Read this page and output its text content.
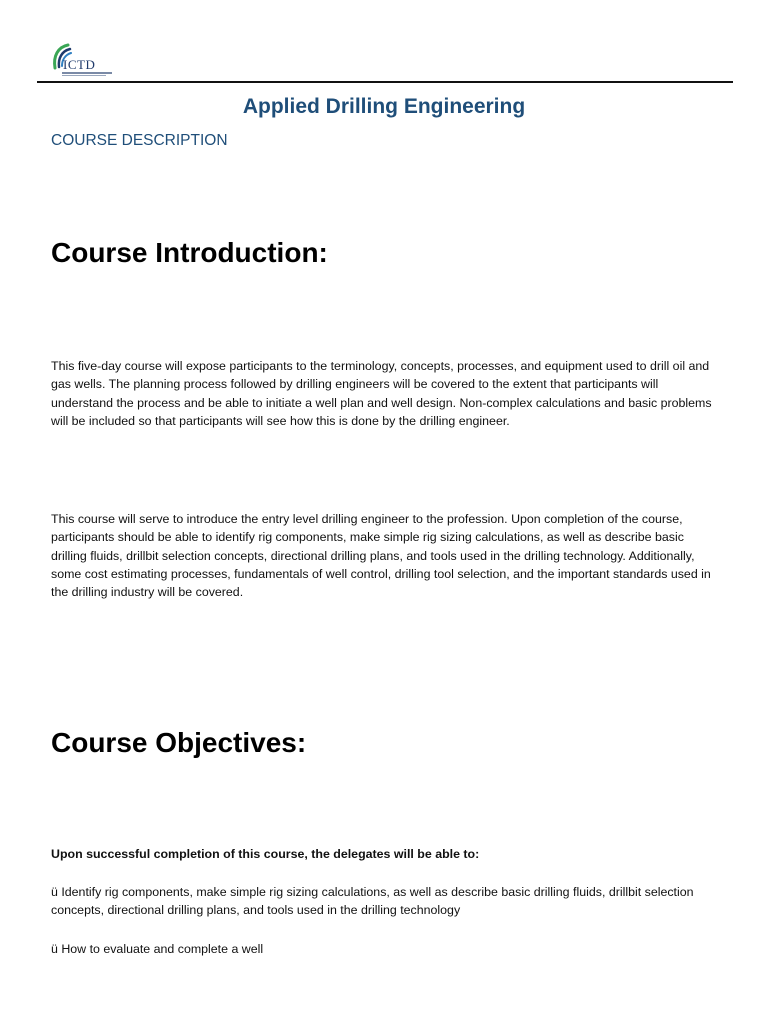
ICTD
Applied Drilling Engineering
COURSE DESCRIPTION
Course Introduction:
This five-day course will expose participants to the terminology, concepts, processes, and equipment used to drill oil and gas wells. The planning process followed by drilling engineers will be covered to the extent that participants will understand the process and be able to initiate a well plan and well design. Non-complex calculations and basic problems will be included so that participants will see how this is done by the drilling engineer.
This course will serve to introduce the entry level drilling engineer to the profession. Upon completion of the course, participants should be able to identify rig components, make simple rig sizing calculations, as well as describe basic drilling fluids, drillbit selection concepts, directional drilling plans, and tools used in the drilling technology. Additionally, some cost estimating processes, fundamentals of well control, drilling tool selection, and the important standards used in the drilling industry will be covered.
Course Objectives:
Upon successful completion of this course, the delegates will be able to:
ü Identify rig components, make simple rig sizing calculations, as well as describe basic drilling fluids, drillbit selection concepts, directional drilling plans, and tools used in the drilling technology
ü How to evaluate and complete a well
